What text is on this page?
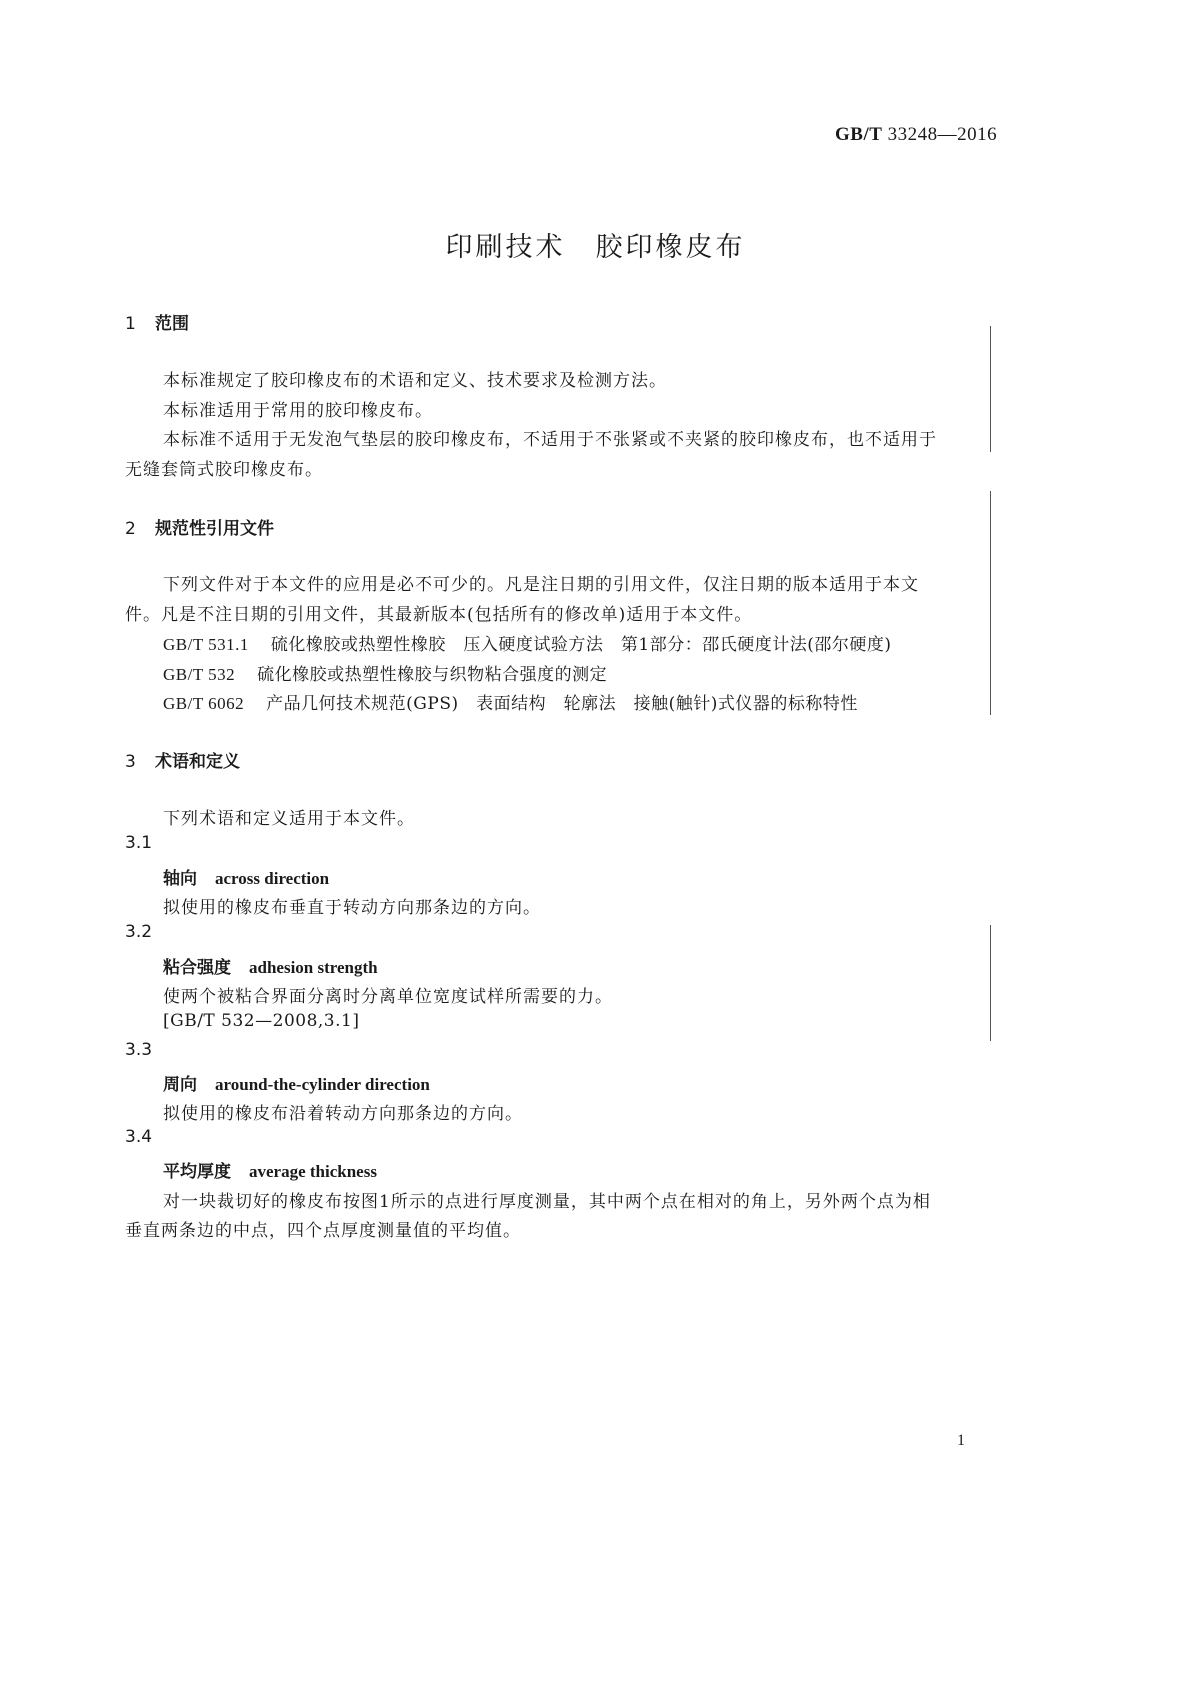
GB/T 33248—2016
印刷技术 胶印橡皮布
1 范围
本标准规定了胶印橡皮布的术语和定义、技术要求及检测方法。
本标准适用于常用的胶印橡皮布。
本标准不适用于无发泡气垫层的胶印橡皮布，不适用于不张紧或不夹紧的胶印橡皮布，也不适用于
无缝套筒式胶印橡皮布。
2 规范性引用文件
下列文件对于本文件的应用是必不可少的。凡是注日期的引用文件，仅注日期的版本适用于本文
件。凡是不注日期的引用文件，其最新版本(包括所有的修改单)适用于本文件。
GB/T 531.1 硫化橡胶或热塑性橡胶　压入硬度试验方法　第1部分：邵氏硬度计法(邵尔硬度)
GB/T 532 硫化橡胶或热塑性橡胶与织物粘合强度的测定
GB/T 6062 产品几何技术规范(GPS)　表面结构　轮廓法　接触(触针)式仪器的标称特性
3 术语和定义
下列术语和定义适用于本文件。
3.1
轴向 across direction
拟使用的橡皮布垂直于转动方向那条边的方向。
3.2
粘合强度 adhesion strength
使两个被粘合界面分离时分离单位宽度试样所需要的力。
[GB/T 532—2008,3.1]
3.3
周向 around-the-cylinder direction
拟使用的橡皮布沿着转动方向那条边的方向。
3.4
平均厚度 average thickness
对一块裁切好的橡皮布按图1所示的点进行厚度测量，其中两个点在相对的角上，另外两个点为相
垂直两条边的中点，四个点厚度测量值的平均值。
1
